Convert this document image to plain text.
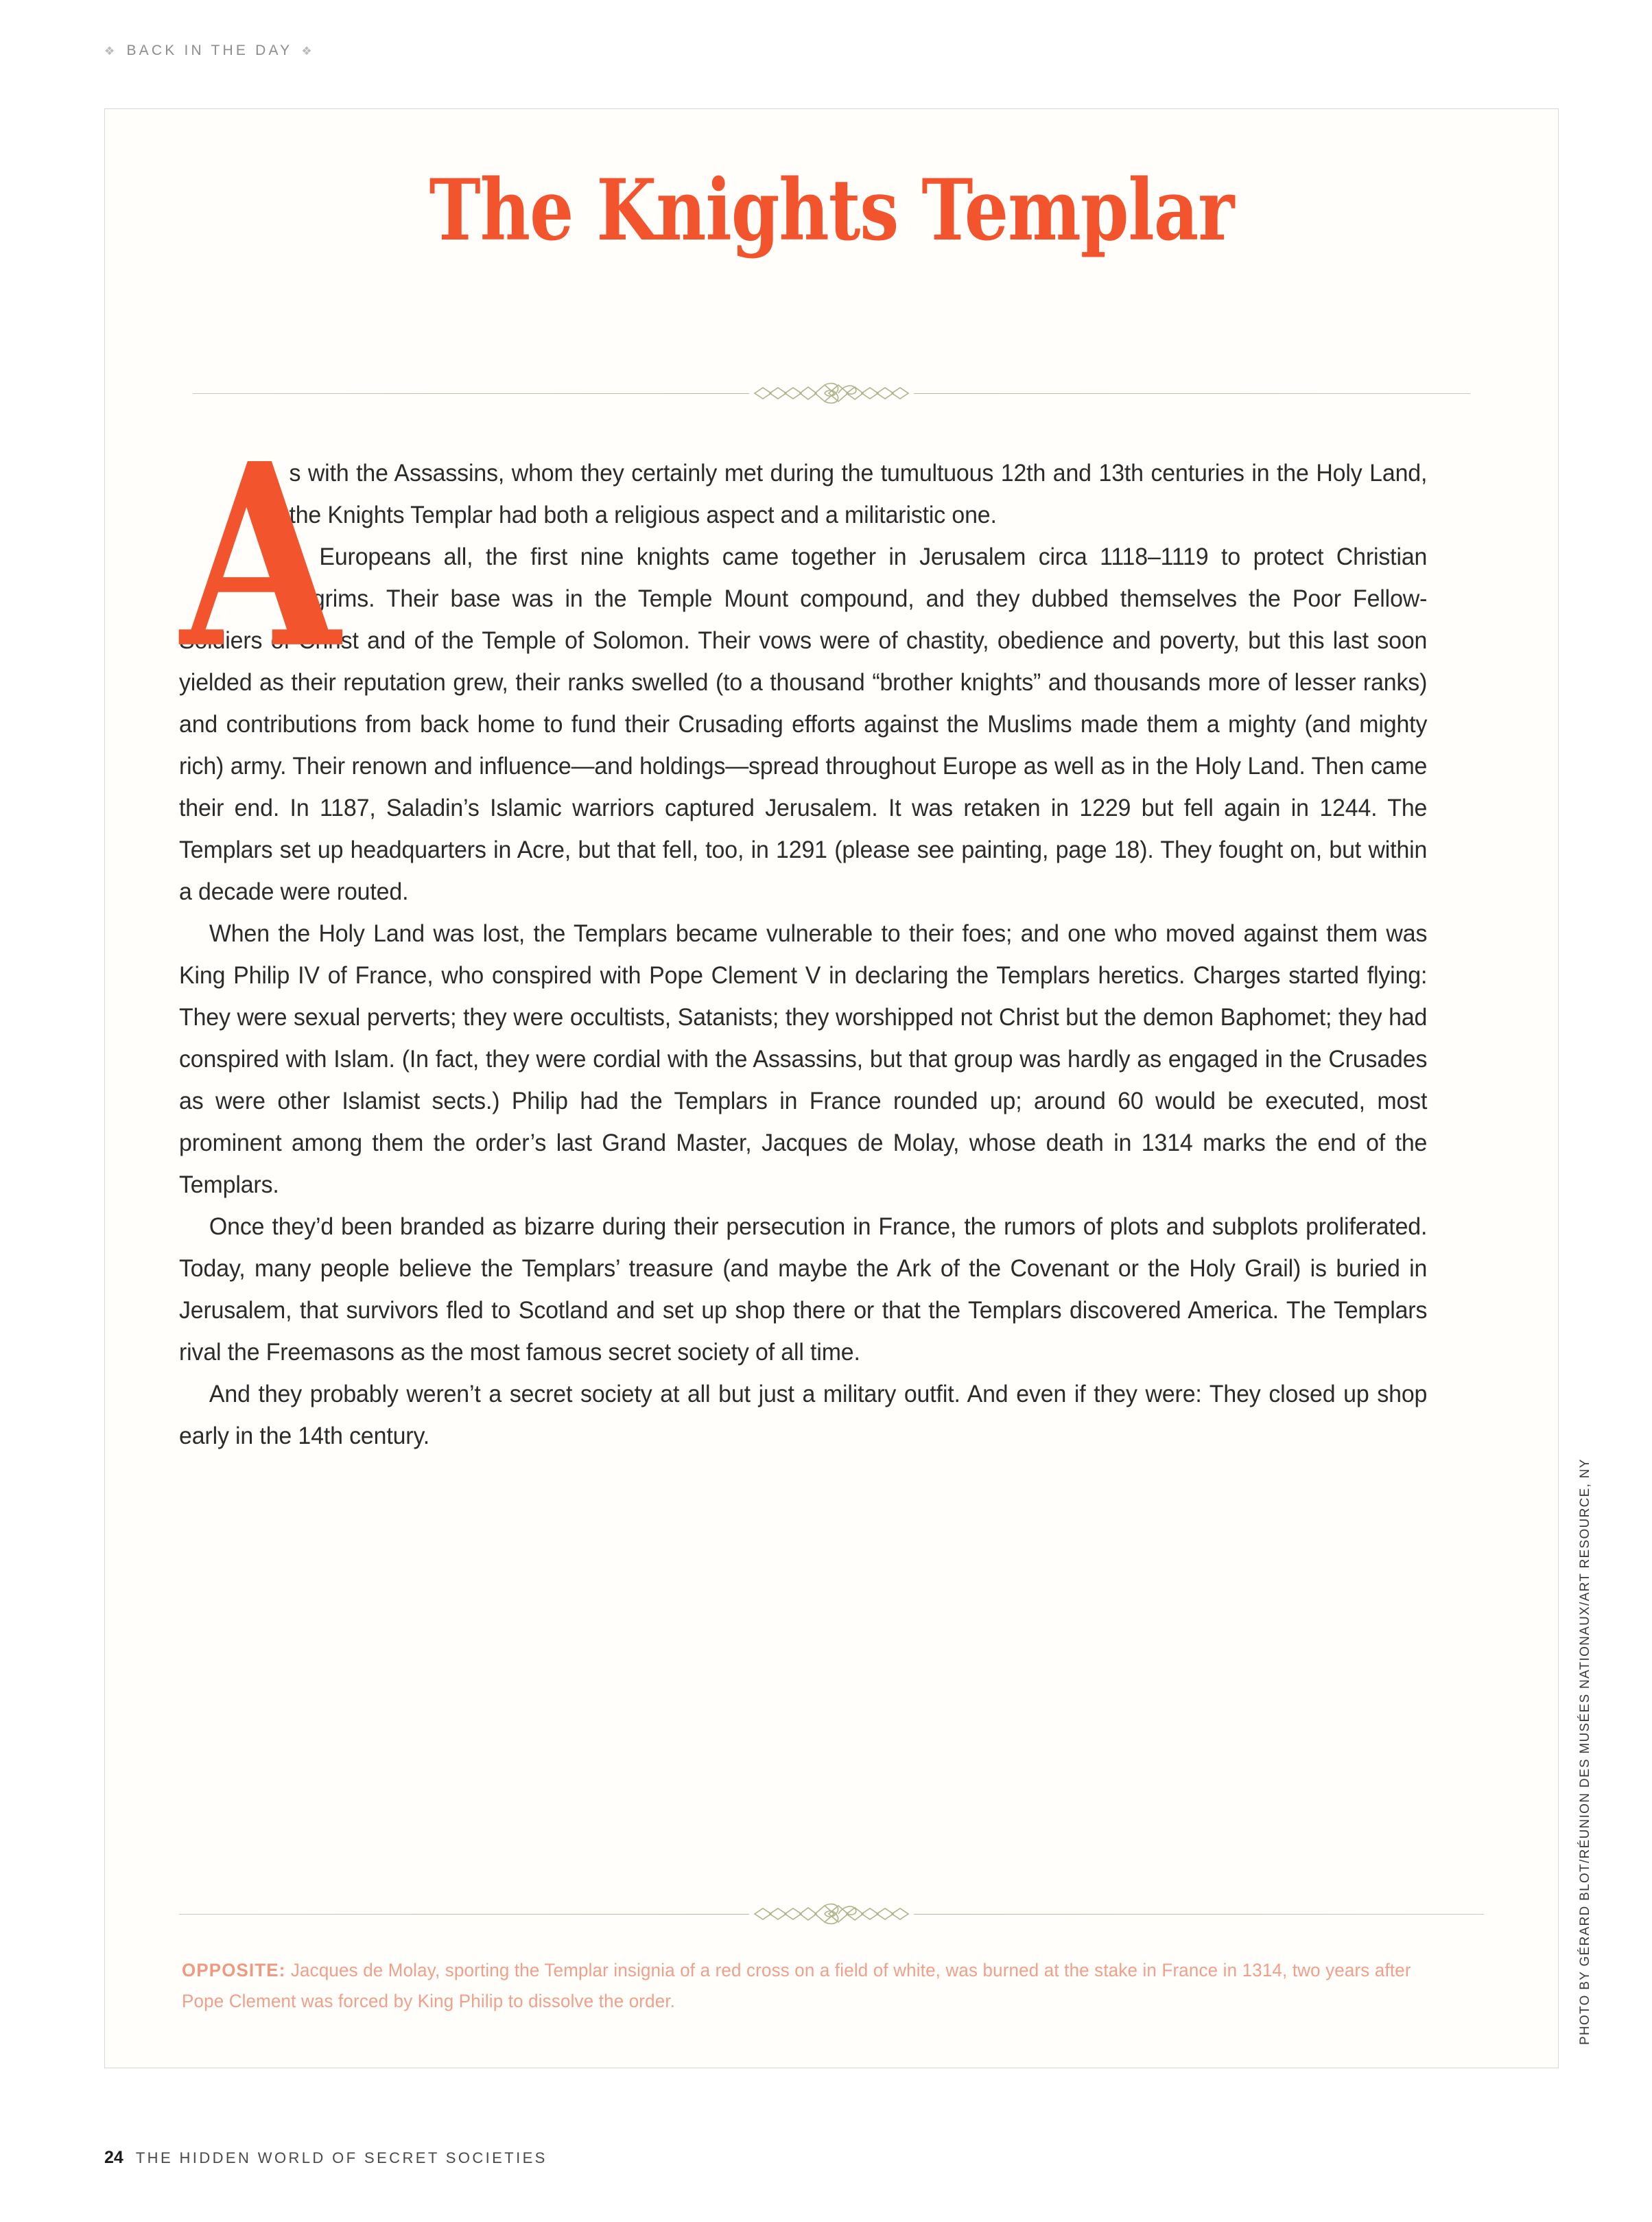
❖ BACK IN THE DAY ❖
The Knights Templar
A

s with the Assassins, whom they certainly met during the tumultuous 12th and 13th centuries in the Holy Land, the Knights Templar had both a religious aspect and a militaristic one.

Europeans all, the first nine knights came together in Jerusalem circa 1118–1119 to protect Christian pilgrims. Their base was in the Temple Mount compound, and they dubbed themselves the Poor Fellow-Soldiers of Christ and of the Temple of Solomon. Their vows were of chastity, obedience and poverty, but this last soon yielded as their reputation grew, their ranks swelled (to a thousand “brother knights” and thousands more of lesser ranks) and contributions from back home to fund their Crusading efforts against the Muslims made them a mighty (and mighty rich) army. Their renown and influence—and holdings—spread throughout Europe as well as in the Holy Land. Then came their end. In 1187, Saladin’s Islamic warriors captured Jerusalem. It was retaken in 1229 but fell again in 1244. The Templars set up headquarters in Acre, but that fell, too, in 1291 (please see painting, page 18). They fought on, but within a decade were routed.

When the Holy Land was lost, the Templars became vulnerable to their foes; and one who moved against them was King Philip IV of France, who conspired with Pope Clement V in declaring the Templars heretics. Charges started flying: They were sexual perverts; they were occultists, Satanists; they worshipped not Christ but the demon Baphomet; they had conspired with Islam. (In fact, they were cordial with the Assassins, but that group was hardly as engaged in the Crusades as were other Islamist sects.) Philip had the Templars in France rounded up; around 60 would be executed, most prominent among them the order’s last Grand Master, Jacques de Molay, whose death in 1314 marks the end of the Templars.

Once they’d been branded as bizarre during their persecution in France, the rumors of plots and subplots proliferated. Today, many people believe the Templars’ treasure (and maybe the Ark of the Covenant or the Holy Grail) is buried in Jerusalem, that survivors fled to Scotland and set up shop there or that the Templars discovered America. The Templars rival the Freemasons as the most famous secret society of all time.

And they probably weren’t a secret society at all but just a military outfit. And even if they were: They closed up shop early in the 14th century.

OPPOSITE: Jacques de Molay, sporting the Templar insignia of a red cross on a field of white, was burned at the stake in France in 1314, two years after Pope Clement was forced by King Philip to dissolve the order.	PHOTO BY GÉRARD BLOT/RÉUNION DES MUSÉES NATIONAUX/ART RESOURCE, NY
24 THE HIDDEN WORLD OF SECRET SOCIETIES
